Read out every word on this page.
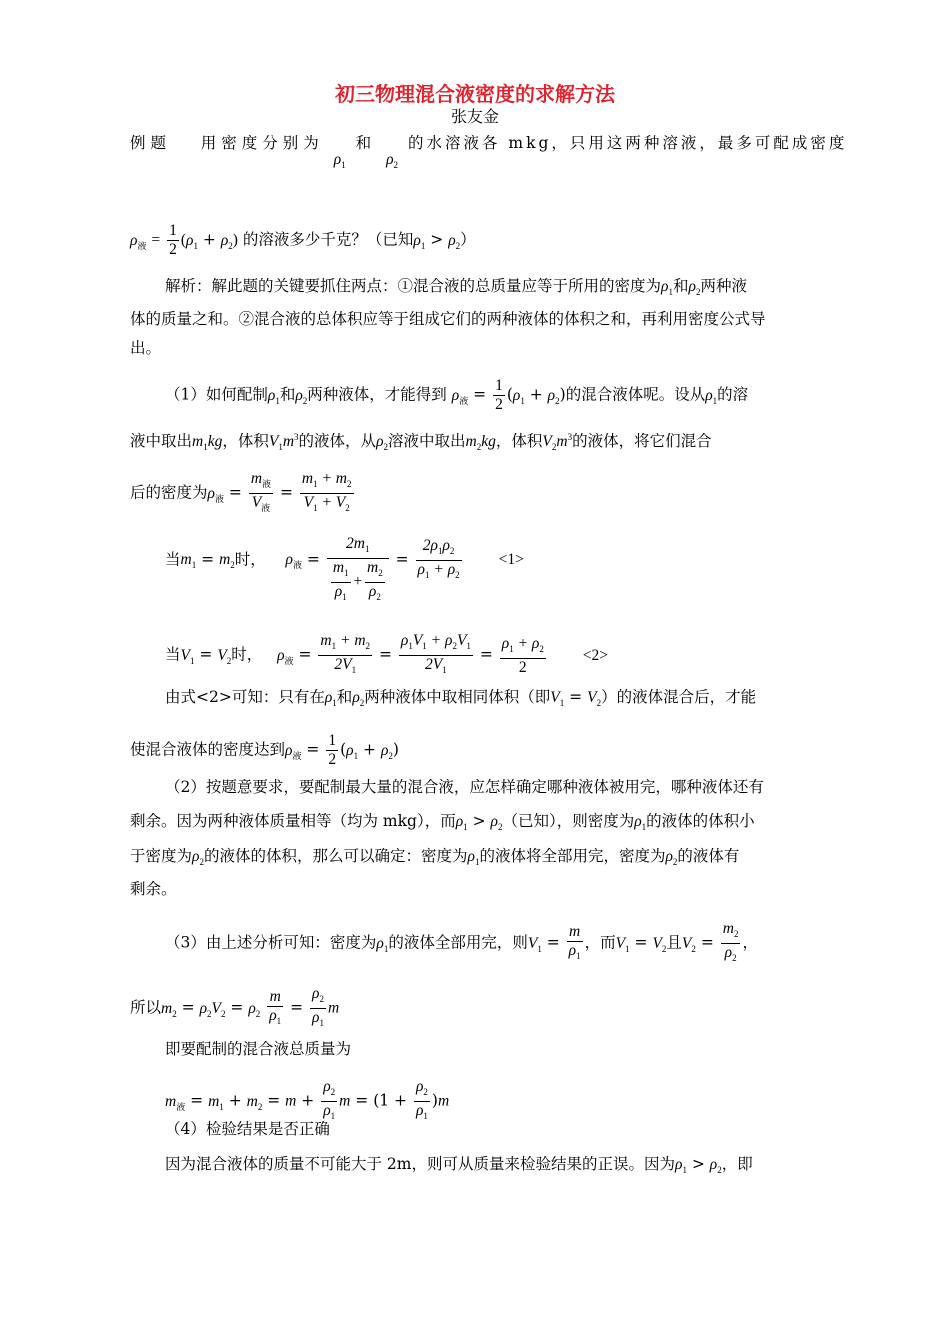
初三物理混合液密度的求解方法
张友金
例题 用密度分别为 $\rho_1$ 和 $\rho_2$ 的水溶液各 mkg，只用这两种溶液，最多可配成密度
$\rho_液 = \frac{1}{2} (\rho_1 + \rho_2)$ 的溶液多少千克？（已知$\rho_1 > \rho_2$）
解析：解此题的关键要抓住两点：①混合液的总质量应等于所用的密度为$\rho_1$和$\rho_2$两种液
体的质量之和。②混合液的总体积应等于组成它们的两种液体的体积之和，再利用密度公式导
出。
（1）如何配制$\rho_1$和$\rho_2$两种液体，才能得到 $\rho_液 = \frac{1}{2} (\rho_1 + \rho_2)$的混合液体呢。设从$\rho_1$的溶
液中取出$m_1kg$，体积$V_1m^3$的液体，从$\rho_2$溶液中取出$m_2kg$，体积$V_2m^3$的液体，将它们混合
后的密度为$\rho_液 = \frac{m_液}{V_液} = \frac{m_1 + m_2}{V_1 + V_2}$
当$m_1 = m_2$时， $\rho_液 = \frac{2m_1}{\frac{m_1}{\rho_1} + \frac{m_2}{\rho_2}} = \frac{2\rho_1\rho_2}{\rho_1 + \rho_2} <1>$
当$V_1 = V_2$时， $\rho_液 = \frac{m_1 + m_2}{2V_1} = \frac{\rho_1V_1 + \rho_2V_1}{2V_1} = \frac{\rho_1 + \rho_2}{2} <2>$
由式<2>可知：只有在$\rho_1$和$\rho_2$两种液体中取相同体积（即$V_1 = V_2$）的液体混合后，才能
使混合液体的密度达到$\rho_液 = \frac{1}{2} (\rho_1 + \rho_2)$
（2）按题意要求，要配制最大量的混合液，应怎样确定哪种液体被用完，哪种液体还有
剩余。因为两种液体质量相等（均为 mkg），而$\rho_1 > \rho_2$（已知），则密度为$\rho_1$的液体的体积小
于密度为$\rho_2$的液体的体积，那么可以确定：密度为$\rho_1$的液体将全部用完，密度为$\rho_2$的液体有
剩余。
（3）由上述分析可知：密度为$\rho_1$的液体全部用完，则$V_1 = \frac{m}{\rho_1}$ ，而$V_1 = V_2$且$V_2 = \frac{m_2}{\rho_2}$ ，
所以$m_2 = \rho_2V_2 = \rho_2 \frac{m}{\rho_1} = \frac{\rho_2}{\rho_1}$ m
即要配制的混合液总质量为
$m_液 = m_1 + m_2 = m + \frac{\rho_2}{\rho_1}$ $m = (1 + \frac{\rho_2}{\rho_1} )m$
（4）检验结果是否正确
因为混合液体的质量不可能大于 2m，则可从质量来检验结果的正误。因为$\rho_1 > \rho_2$，即
